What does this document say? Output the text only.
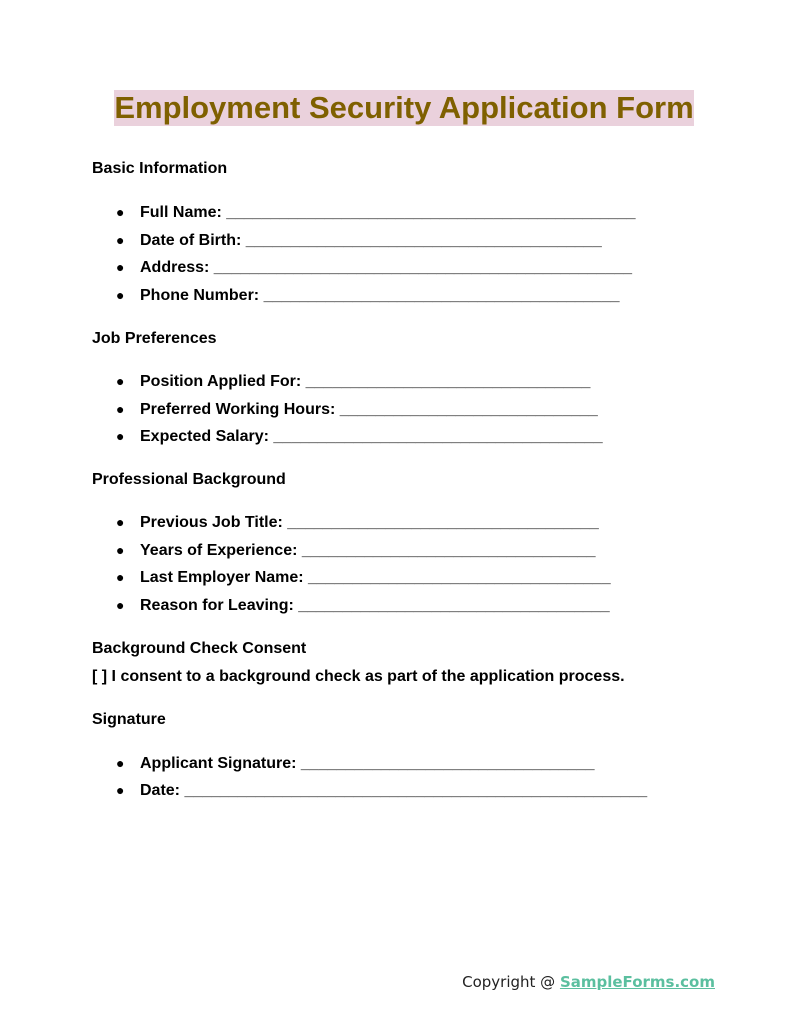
Employment Security Application Form

Basic Information

● Full Name: ______________________________________________
● Date of Birth: ________________________________________
● Address: _______________________________________________
● Phone Number: ________________________________________

Job Preferences

● Position Applied For: ________________________________
● Preferred Working Hours: _____________________________
● Expected Salary: _____________________________________

Professional Background

● Previous Job Title: ___________________________________
● Years of Experience: _________________________________
● Last Employer Name: __________________________________
● Reason for Leaving: ___________________________________

Background Check Consent

[ ] I consent to a background check as part of the application process.

Signature

● Applicant Signature: _________________________________
● Date: ____________________________________________________
Copyright @ SampleForms.com
